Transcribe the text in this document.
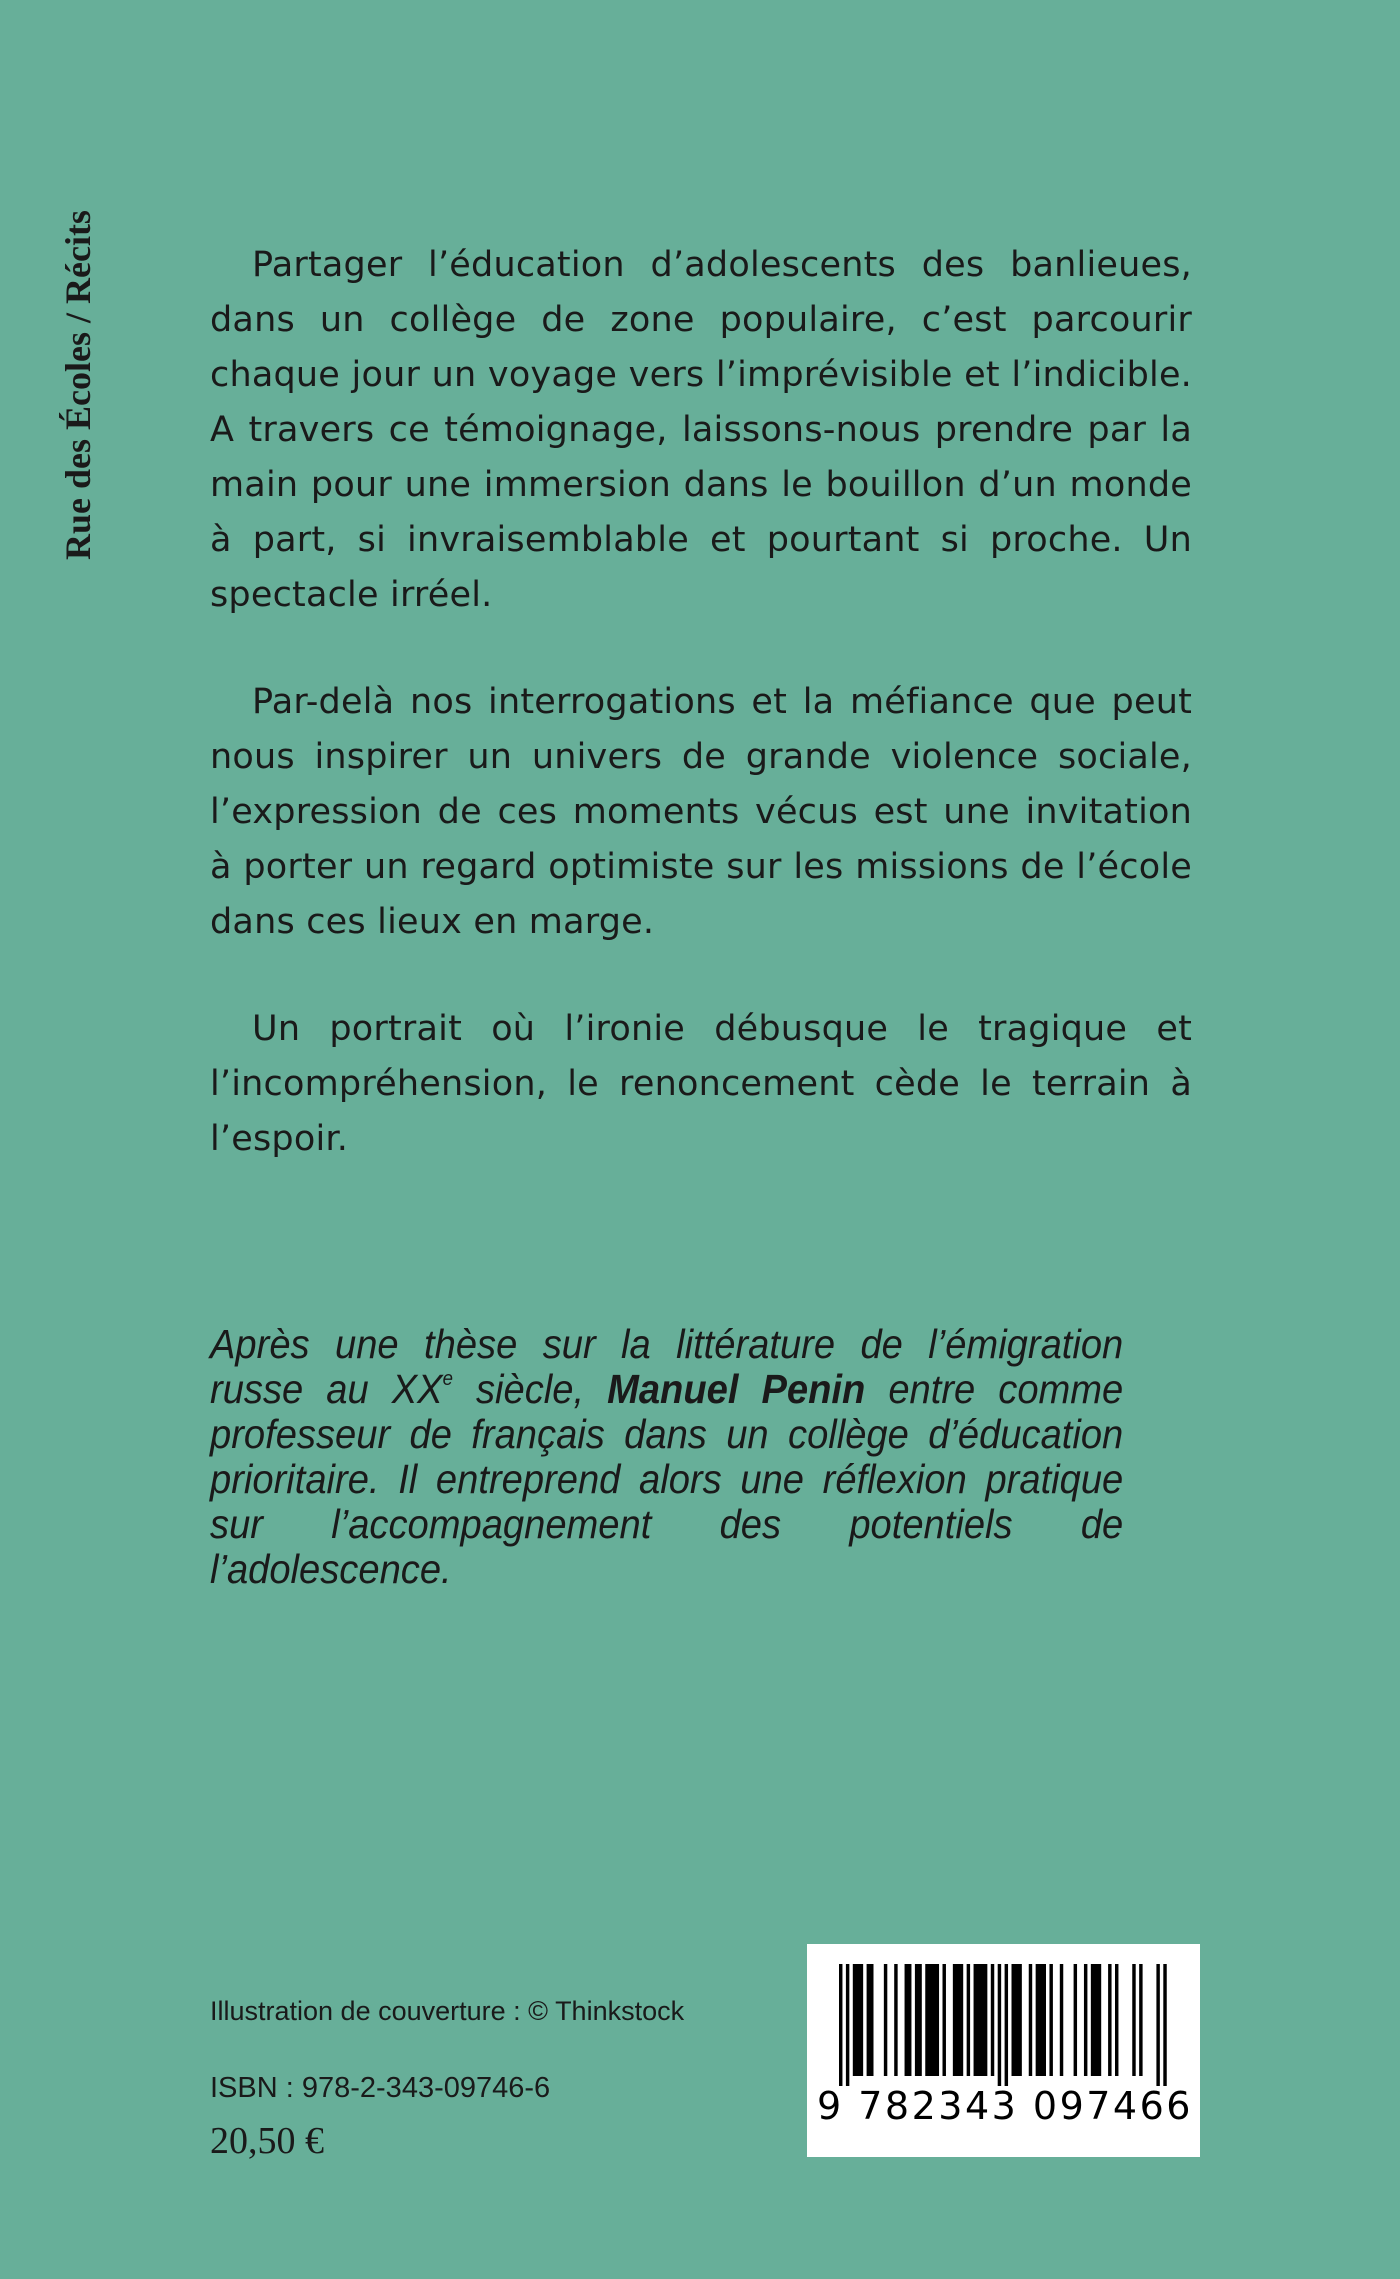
Rue des Écoles / Récits	Partager l’éducation d’adolescents des banlieues, dans un collège de zone populaire, c’est parcourir chaque jour un voyage vers l’imprévisible et l’indicible. A travers ce témoignage, laissons-nous prendre par la main pour une immersion dans le bouillon d’un monde à part, si invraisemblable et pourtant si proche. Un spectacle irréel.

Par-delà nos interrogations et la méfiance que peut nous inspirer un univers de grande violence sociale, l’expression de ces moments vécus est une invitation à porter un regard optimiste sur les missions de l’école dans ces lieux en marge.

Un portrait où l’ironie débusque le tragique et l’incompréhension, le renoncement cède le terrain à l’espoir.

Après une thèse sur la littérature de l’émigration russe au XXe siècle, Manuel Penin entre comme professeur de français dans un collège d’éducation prioritaire. Il entreprend alors une réflexion pratique sur l’accompagnement des potentiels de l’adolescence.
Illustration de couverture : © Thinkstock
ISBN : 978-2-343-09746-6
20,50 €
9 782343 097466
